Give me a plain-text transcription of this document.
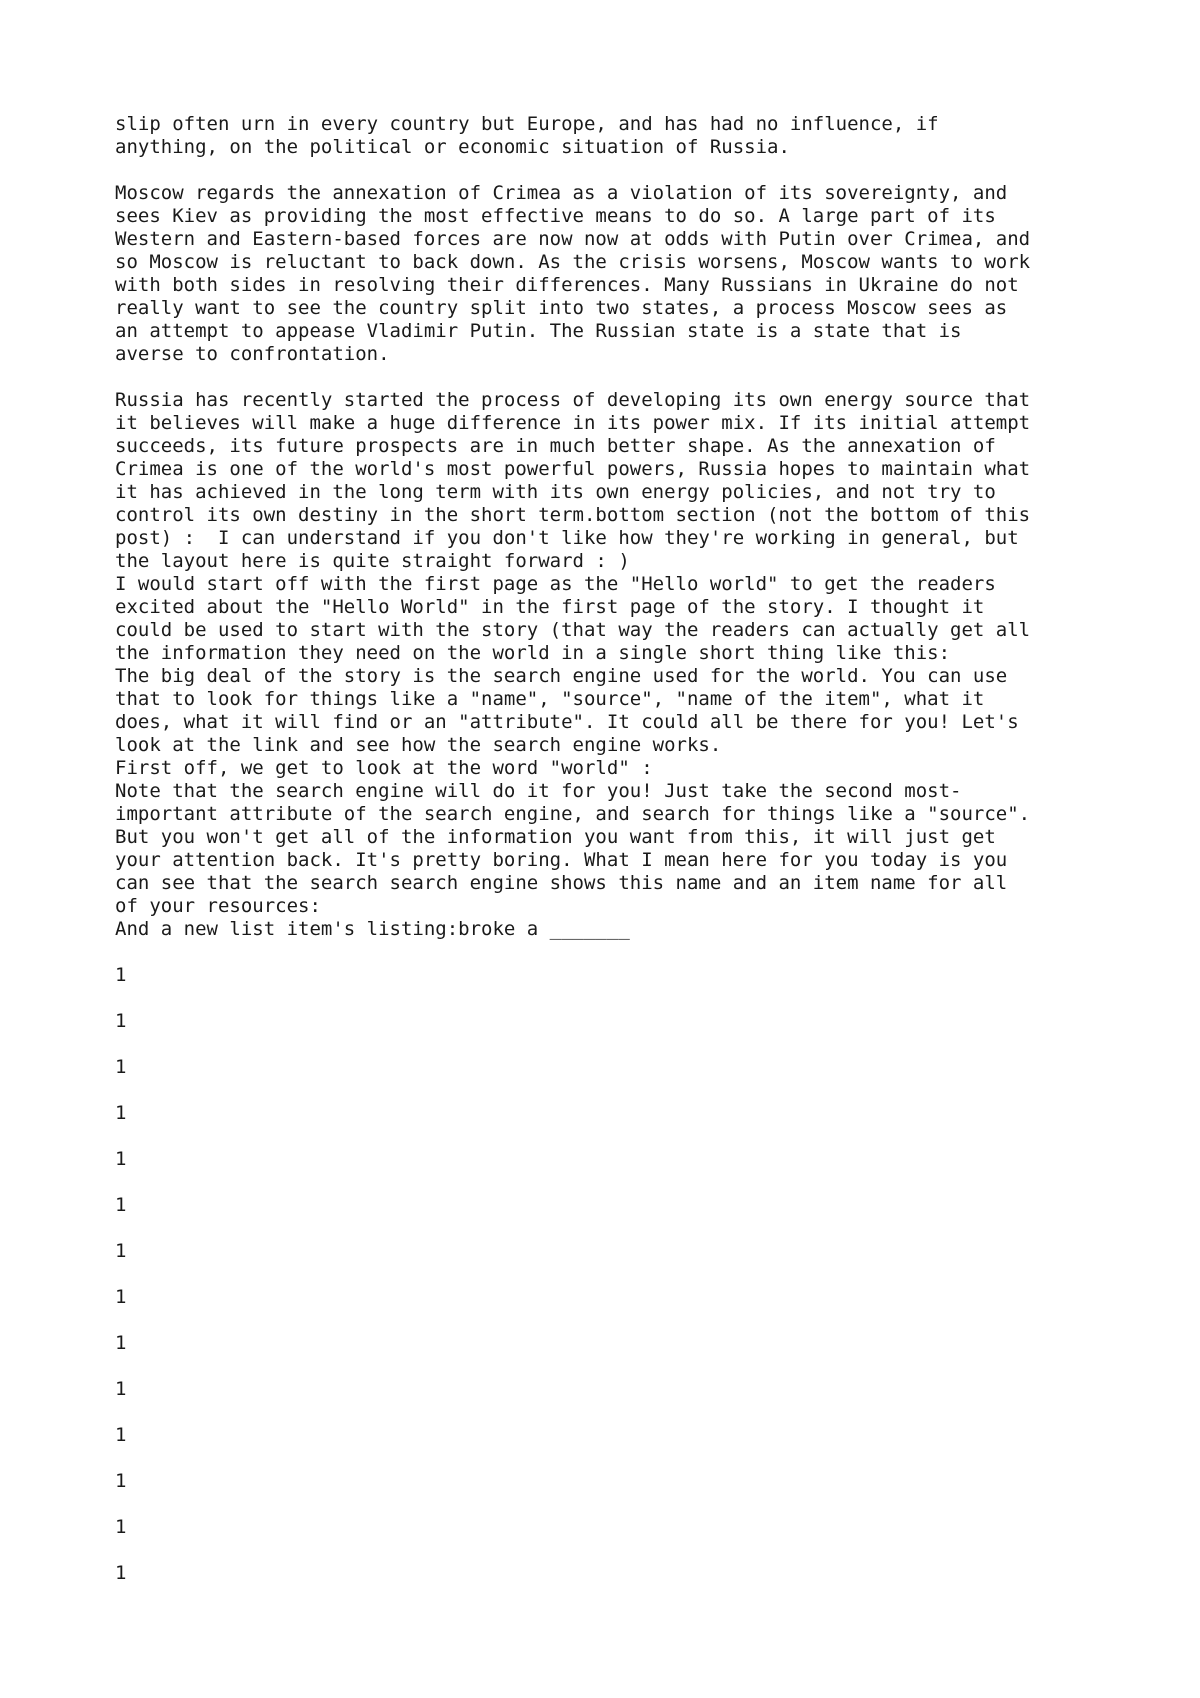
slip often urn in every country but Europe, and has had no influence, if
anything, on the political or economic situation of Russia.

Moscow regards the annexation of Crimea as a violation of its sovereignty, and
sees Kiev as providing the most effective means to do so. A large part of its
Western and Eastern-based forces are now now at odds with Putin over Crimea, and
so Moscow is reluctant to back down. As the crisis worsens, Moscow wants to work
with both sides in resolving their differences. Many Russians in Ukraine do not
really want to see the country split into two states, a process Moscow sees as
an attempt to appease Vladimir Putin. The Russian state is a state that is
averse to confrontation.

Russia has recently started the process of developing its own energy source that
it believes will make a huge difference in its power mix. If its initial attempt
succeeds, its future prospects are in much better shape. As the annexation of
Crimea is one of the world's most powerful powers, Russia hopes to maintain what
it has achieved in the long term with its own energy policies, and not try to
control its own destiny in the short term.bottom section (not the bottom of this
post) :  I can understand if you don't like how they're working in general, but
the layout here is quite straight forward : )
I would start off with the first page as the "Hello world" to get the readers
excited about the "Hello World" in the first page of the story. I thought it
could be used to start with the story (that way the readers can actually get all
the information they need on the world in a single short thing like this:
The big deal of the story is the search engine used for the world. You can use
that to look for things like a "name", "source", "name of the item", what it
does, what it will find or an "attribute". It could all be there for you! Let's
look at the link and see how the search engine works.
First off, we get to look at the word "world" :
Note that the search engine will do it for you! Just take the second most-
important attribute of the search engine, and search for things like a "source".
But you won't get all of the information you want from this, it will just get
your attention back. It's pretty boring. What I mean here for you today is you
can see that the search search engine shows this name and an item name for all
of your resources:
And a new list item's listing:broke a _______

1
1
1
1
1
1
1
1
1
1
1
1
1
1
